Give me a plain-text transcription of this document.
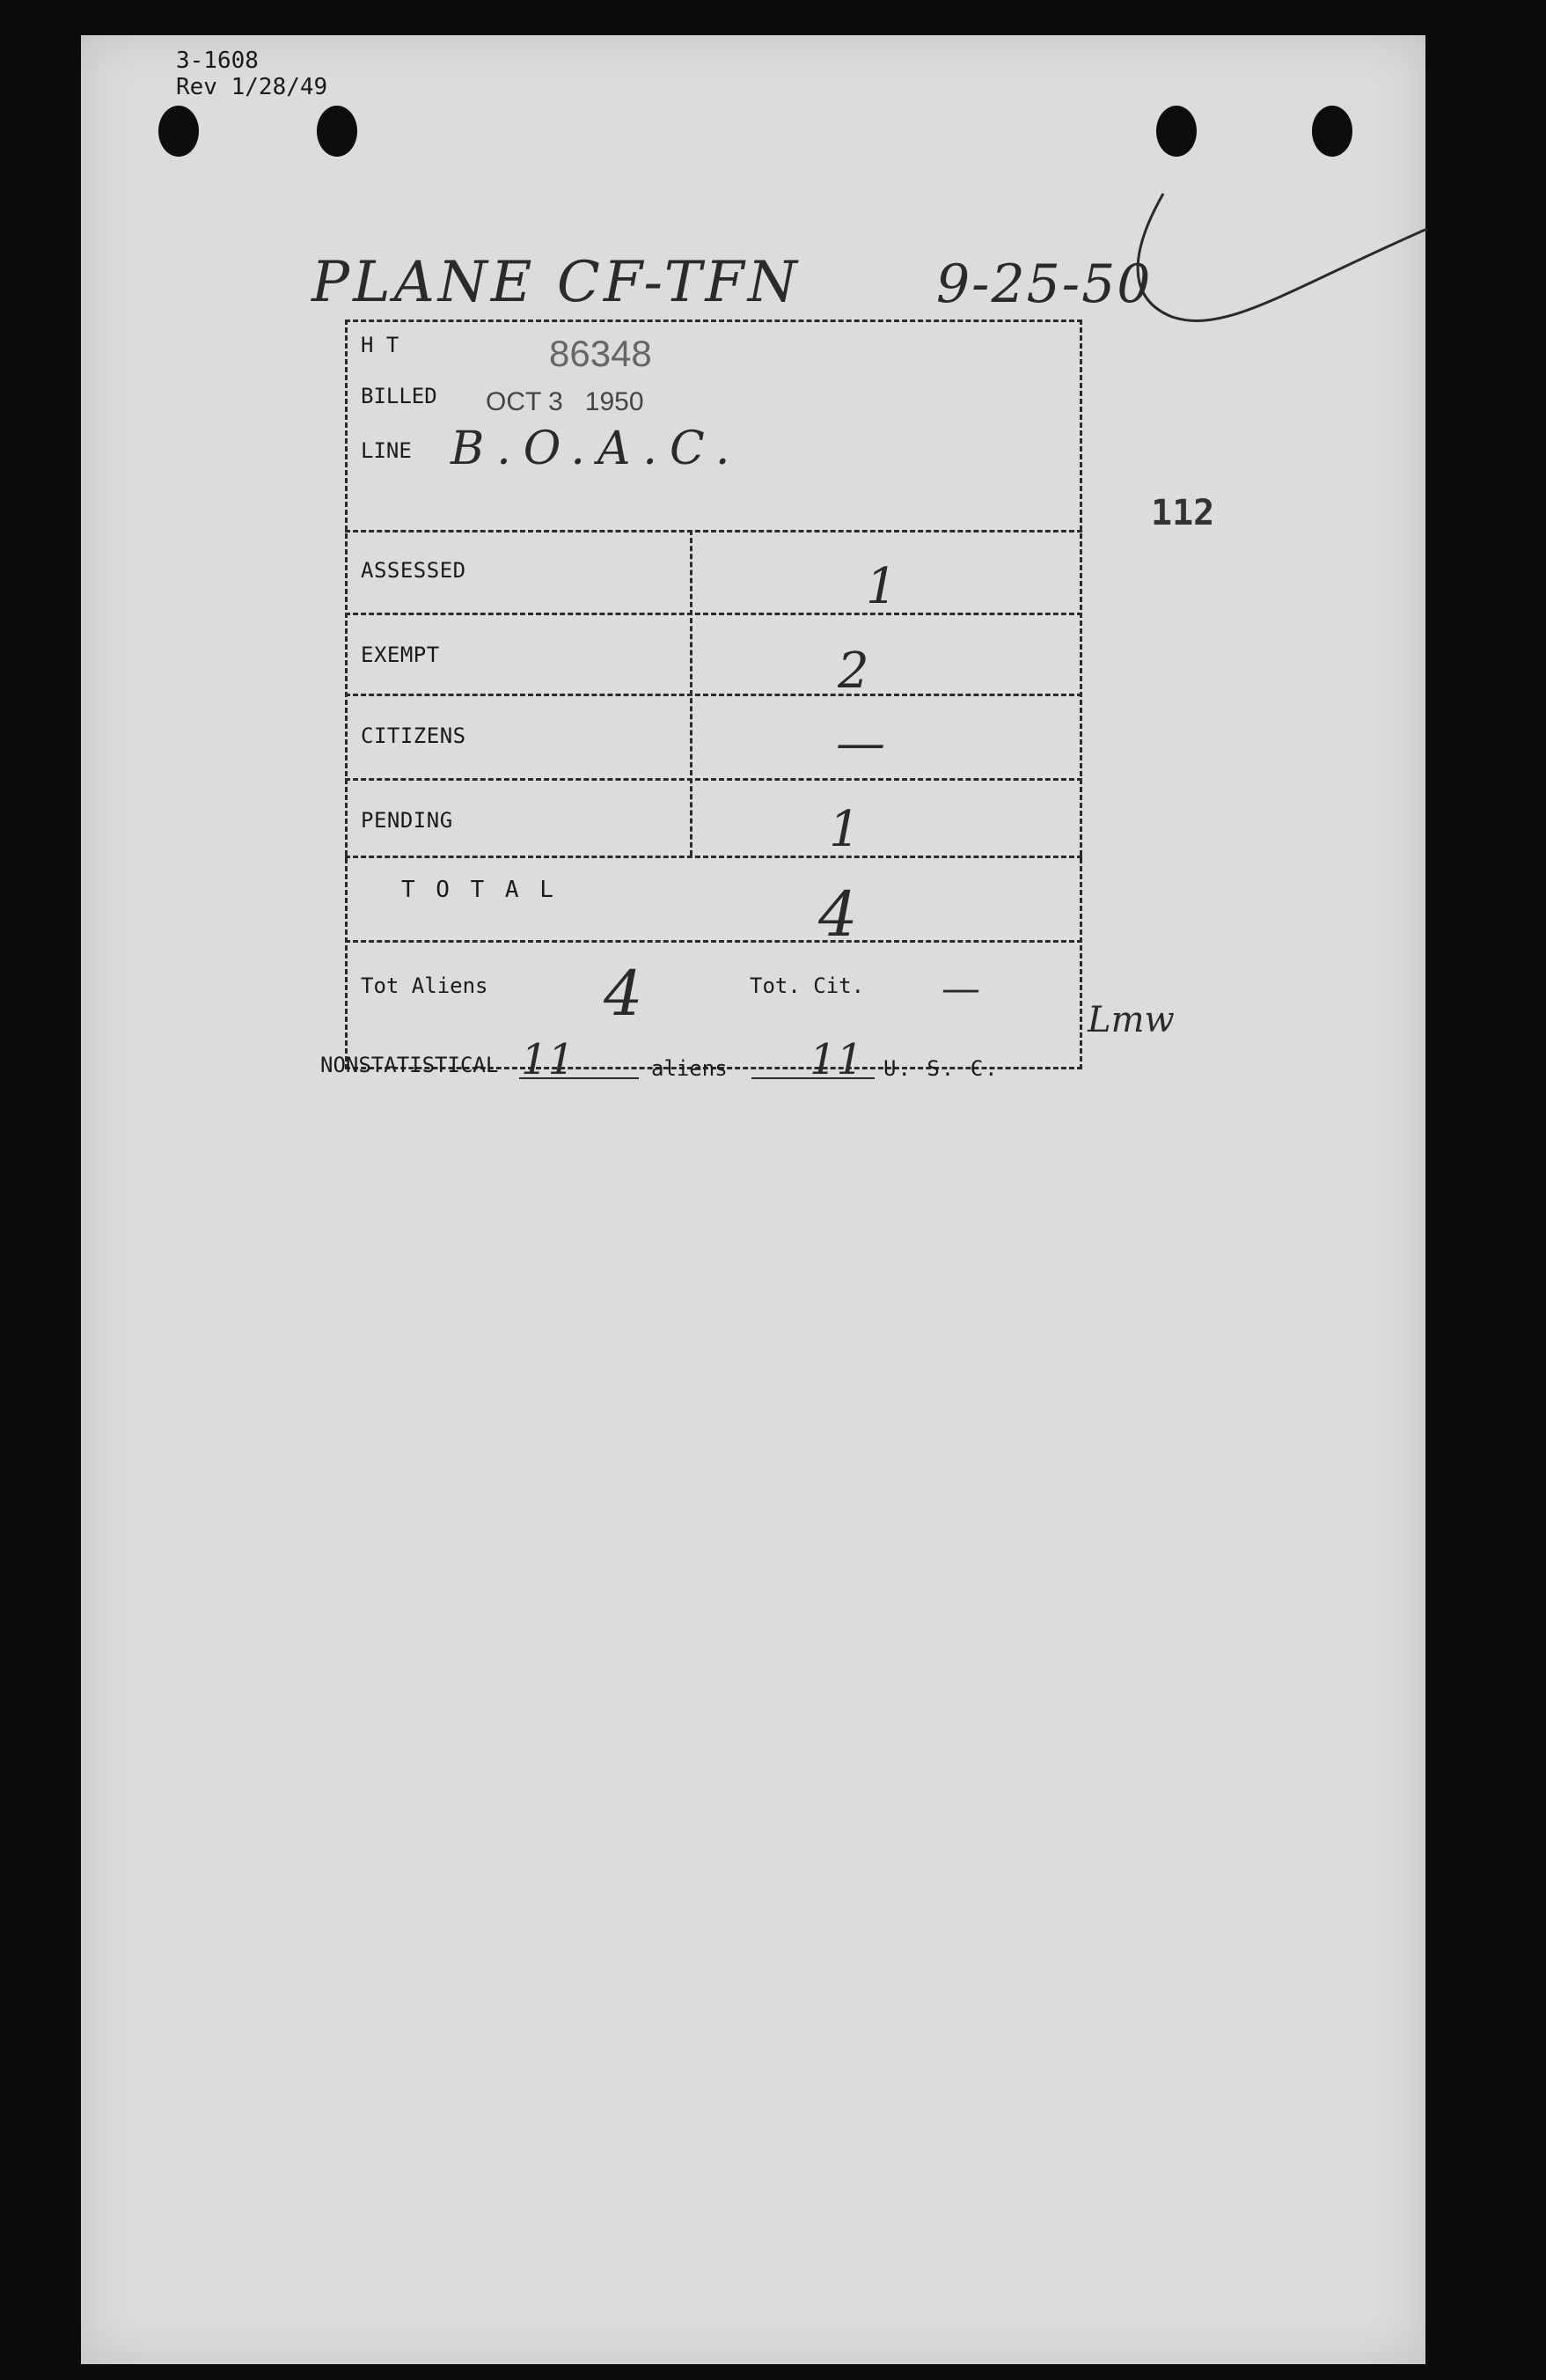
3-1608
Rev 1/28/49
PLANE CF-TFN	9-25-50
112
H T	86348
BILLED OCT 3   1950
LINE B.O.A.C.
ASSESSED	1
EXEMPT	2
CITIZENS	—
PENDING	1
T O T A L	4
Tot Aliens 4	Tot. Cit. —
Lmw
NONSTATISTICAL 11	aliens 11 U. S. C.
